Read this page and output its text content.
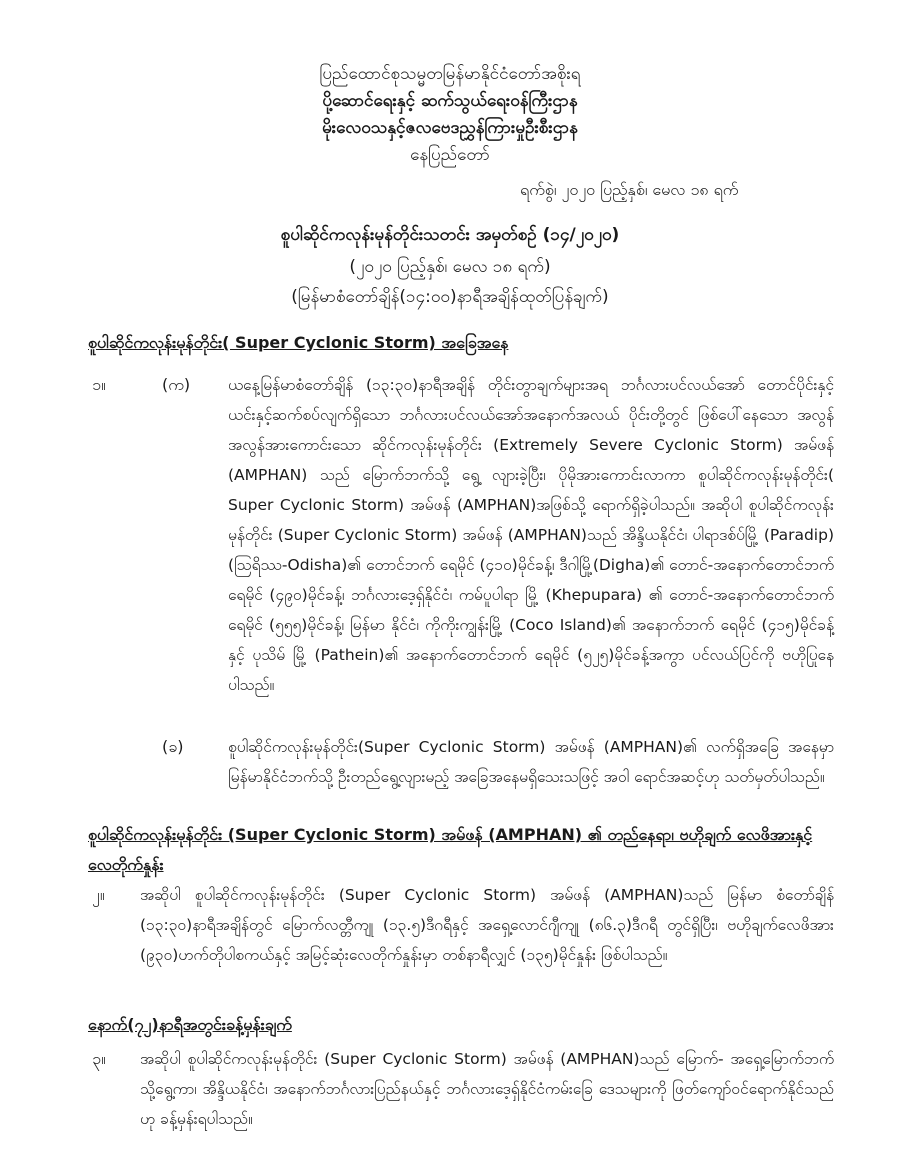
ပြည်ထောင်စုသမ္မတမြန်မာနိုင်ငံတော်အစိုးရ
ပို့ဆောင်ရေးနှင့် ဆက်သွယ်ရေးဝန်ကြီးဌာန
မိုးလေဝသနှင့်ဇလဗေဒညွှန်ကြားမှုဦးစီးဌာန
နေပြည်တော်
ရက်စွဲ၊ ၂၀၂၀ ပြည့်နှစ်၊ မေလ ၁၈ ရက်
စူပါဆိုင်ကလုန်းမုန်တိုင်းသတင်း အမှတ်စဉ် (၁၄/၂၀၂၀)
(၂၀၂၀ ပြည့်နှစ်၊ မေလ ၁၈ ရက်)
(မြန်မာစံတော်ချိန်(၁၄:၀၀)နာရီအချိန်ထုတ်ပြန်ချက်)
စူပါဆိုင်ကလုန်းမုန်တိုင်း( Super Cyclonic Storm) အခြေအနေ
၁။	(က) ယနေ့မြန်မာစံတော်ချိန် (၁၃:၃၀)နာရီအချိန် တိုင်းတွာချက်များအရ ဘင်္ဂလားပင်လယ်အော် တောင်ပိုင်းနှင့် ယင်းနှင့်ဆက်စပ်လျက်ရှိသော ဘင်္ဂလားပင်လယ်အော်အနောက်အလယ် ပိုင်းတို့တွင် ဖြစ်ပေါ်နေသော အလွန်အလွန်အားကောင်းသော ဆိုင်ကလုန်းမုန်တိုင်း (Extremely Severe Cyclonic Storm) အမ်ဖန် (AMPHAN) သည် မြောက်ဘက်သို့ ရွေ့ လျားခဲ့ပြီး၊ ပိုမိုအားကောင်းလာကာ စူပါဆိုင်ကလုန်းမုန်တိုင်း( Super Cyclonic Storm) အမ်ဖန် (AMPHAN)အဖြစ်သို့ ရောက်ရှိခဲ့ပါသည်။ အဆိုပါ စူပါဆိုင်ကလုန်းမုန်တိုင်း (Super Cyclonic Storm) အမ်ဖန် (AMPHAN)သည် အိန္ဒိယနိုင်ငံ၊ ပါရာဒစ်ပ်မြို့ (Paradip) (ဩရိဿ-Odisha)၏ တောင်ဘက် ရေမိုင် (၄၁၀)မိုင်ခန့်၊ ဒီဂါမြို့(Digha)၏ တောင်-အနောက်တောင်ဘက် ရေမိုင် (၄၉၀)မိုင်ခန့်၊ ဘင်္ဂလားဒေ့ရှ်နိုင်ငံ၊ ကမ်ပူပါရာ မြို့ (Khepupara) ၏ တောင်-အနောက်တောင်ဘက် ရေမိုင် (၅၅၅)မိုင်ခန့်၊ မြန်မာ နိုင်ငံ၊ ကိုကိုးကျွန်းမြို့ (Coco Island)၏ အနောက်ဘက် ရေမိုင် (၄၁၅)မိုင်ခန့်နှင့် ပုသိမ် မြို့ (Pathein)၏ အနောက်တောင်ဘက် ရေမိုင် (၅၂၅)မိုင်ခန့်အကွာ ပင်လယ်ပြင်ကို ဗဟိုပြုနေပါသည်။
(ခ)	စူပါဆိုင်ကလုန်းမုန်တိုင်း(Super Cyclonic Storm) အမ်ဖန် (AMPHAN)၏ လက်ရှိအခြေ အနေမှာ မြန်မာနိုင်ငံဘက်သို့ ဦးတည်ရွေ့လျားမည့် အခြေအနေမရှိသေးသဖြင့် အဝါ ရောင်အဆင့်ဟု သတ်မှတ်ပါသည်။
စူပါဆိုင်ကလုန်းမုန်တိုင်း (Super Cyclonic Storm) အမ်ဖန် (AMPHAN) ၏ တည်နေရာ၊ ဗဟိုချက် လေဖိအားနှင့် လေတိုက်နှုန်း
၂။ အဆိုပါ စူပါဆိုင်ကလုန်းမုန်တိုင်း (Super Cyclonic Storm) အမ်ဖန် (AMPHAN)သည် မြန်မာ စံတော်ချိန် (၁၃:၃၀)နာရီအချိန်တွင် မြောက်လတ္တီကျု (၁၃.၅)ဒီဂရီနှင့် အရှေ့လောင်ဂျီကျု (၈၆.၃)ဒီဂရီ တွင်ရှိပြီး၊ ဗဟိုချက်လေဖိအား (၉၃၀)ဟက်တိုပါစကယ်နှင့် အမြင့်ဆုံးလေတိုက်နှုန်းမှာ တစ်နာရီလျှင် (၁၃၅)မိုင်နှုန်း ဖြစ်ပါသည်။
နောက်(၇၂)နာရီအတွင်းခန့်မှန်းချက်
၃။ အဆိုပါ စူပါဆိုင်ကလုန်းမုန်တိုင်း (Super Cyclonic Storm) အမ်ဖန် (AMPHAN)သည် မြောက်- အရှေ့မြောက်ဘက်သို့ရွေ့ကာ၊ အိန္ဒိယနိုင်ငံ၊ အနောက်ဘင်္ဂလားပြည်နယ်နှင့် ဘင်္ဂလားဒေ့ရှ်နိုင်ငံကမ်းခြေ ဒေသများကို ဖြတ်ကျော်ဝင်ရောက်နိုင်သည်ဟု ခန့်မှန်းရပါသည်။
